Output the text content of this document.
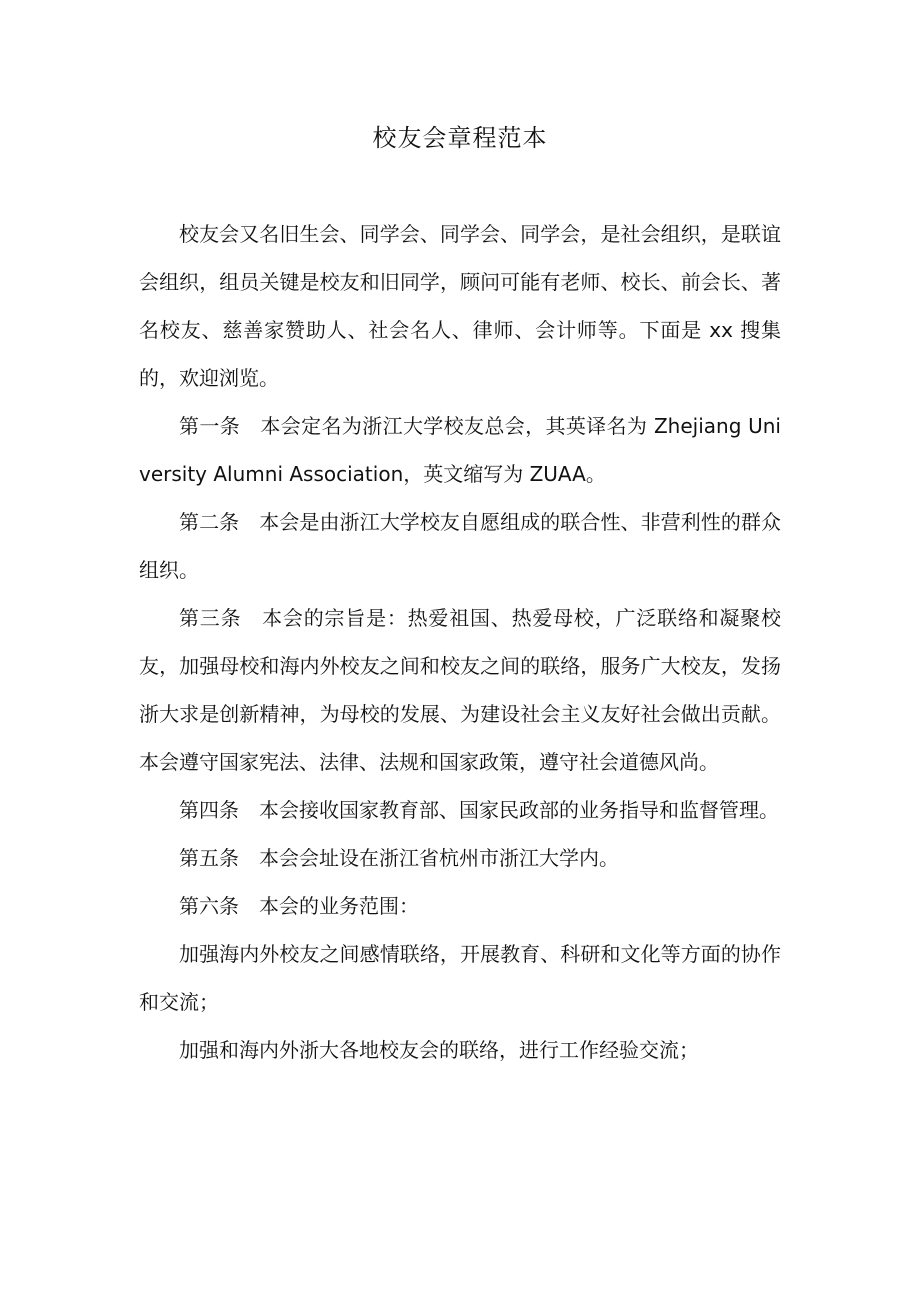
校友会章程范本

校友会又名旧生会、同学会、同学会、同学会，是社会组织，是联谊会组织，组员关键是校友和旧同学，顾问可能有老师、校长、前会长、著名校友、慈善家赞助人、社会名人、律师、会计师等。下面是 xx 搜集的，欢迎浏览。

第一条　本会定名为浙江大学校友总会，其英译名为 Zhejiang University Alumni Association，英文缩写为 ZUAA。

第二条　本会是由浙江大学校友自愿组成的联合性、非营利性的群众组织。

第三条　本会的宗旨是：热爱祖国、热爱母校，广泛联络和凝聚校友，加强母校和海内外校友之间和校友之间的联络，服务广大校友，发扬浙大求是创新精神，为母校的发展、为建设社会主义友好社会做出贡献。本会遵守国家宪法、法律、法规和国家政策，遵守社会道德风尚。

第四条　本会接收国家教育部、国家民政部的业务指导和监督管理。

第五条　本会会址设在浙江省杭州市浙江大学内。

第六条　本会的业务范围：

加强海内外校友之间感情联络，开展教育、科研和文化等方面的协作和交流；

加强和海内外浙大各地校友会的联络，进行工作经验交流；
